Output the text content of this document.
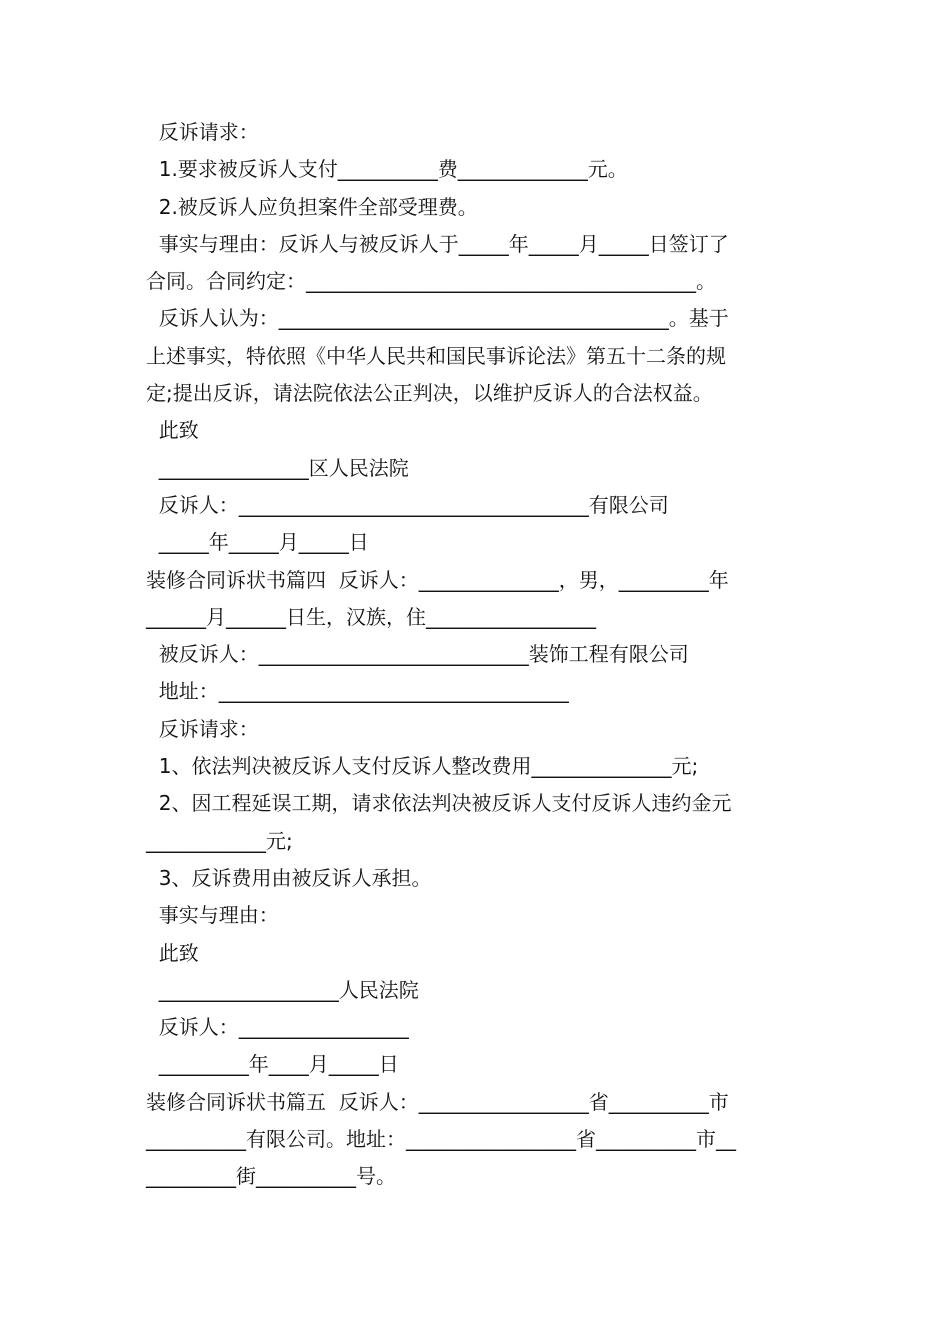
反诉请求：
1.要求被反诉人支付__________费_____________元。
2.被反诉人应负担案件全部受理费。
事实与理由：反诉人与被反诉人于_____年_____月_____日签订了
合同。合同约定：_______________________________________。
反诉人认为：_______________________________________。基于
上述事实，特依照《中华人民共和国民事诉论法》第五十二条的规
定;提出反诉，请法院依法公正判决，以维护反诉人的合法权益。
此致
_______________区人民法院
反诉人：___________________________________有限公司
_____年_____月_____日
装修合同诉状书篇四  反诉人：______________，男，_________年
______月______日生，汉族，住_________________
被反诉人：___________________________装饰工程有限公司
地址：___________________________________
反诉请求：
1、依法判决被反诉人支付反诉人整改费用______________元;
2、因工程延误工期，请求依法判决被反诉人支付反诉人违约金元
____________元;
3、反诉费用由被反诉人承担。
事实与理由：
此致
__________________人民法院
反诉人：_________________
_________年____月_____日
装修合同诉状书篇五  反诉人：_________________省__________市
__________有限公司。地址：_________________省__________市__
_________街__________号。
